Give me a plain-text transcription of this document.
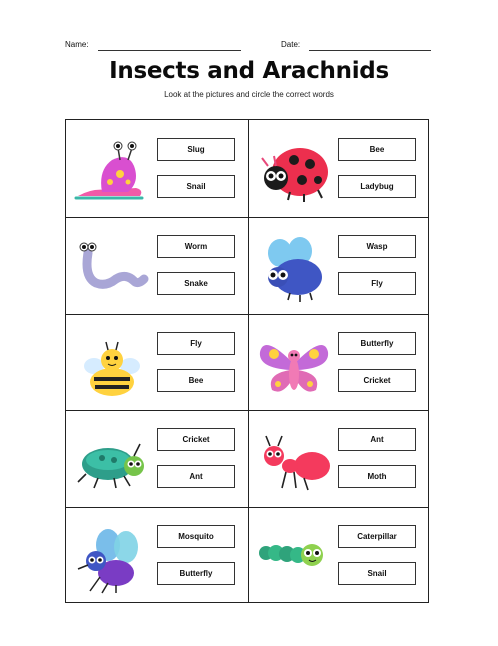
Name:	Date:
Insects and Arachnids
Look at the pictures and circle the correct words
Slug
Snail
Bee
Ladybug
Worm
Snake
Wasp
Fly
Fly
Bee
Butterfly
Cricket
Cricket
Ant
Ant
Moth
Mosquito
Butterfly
Caterpillar
Snail
